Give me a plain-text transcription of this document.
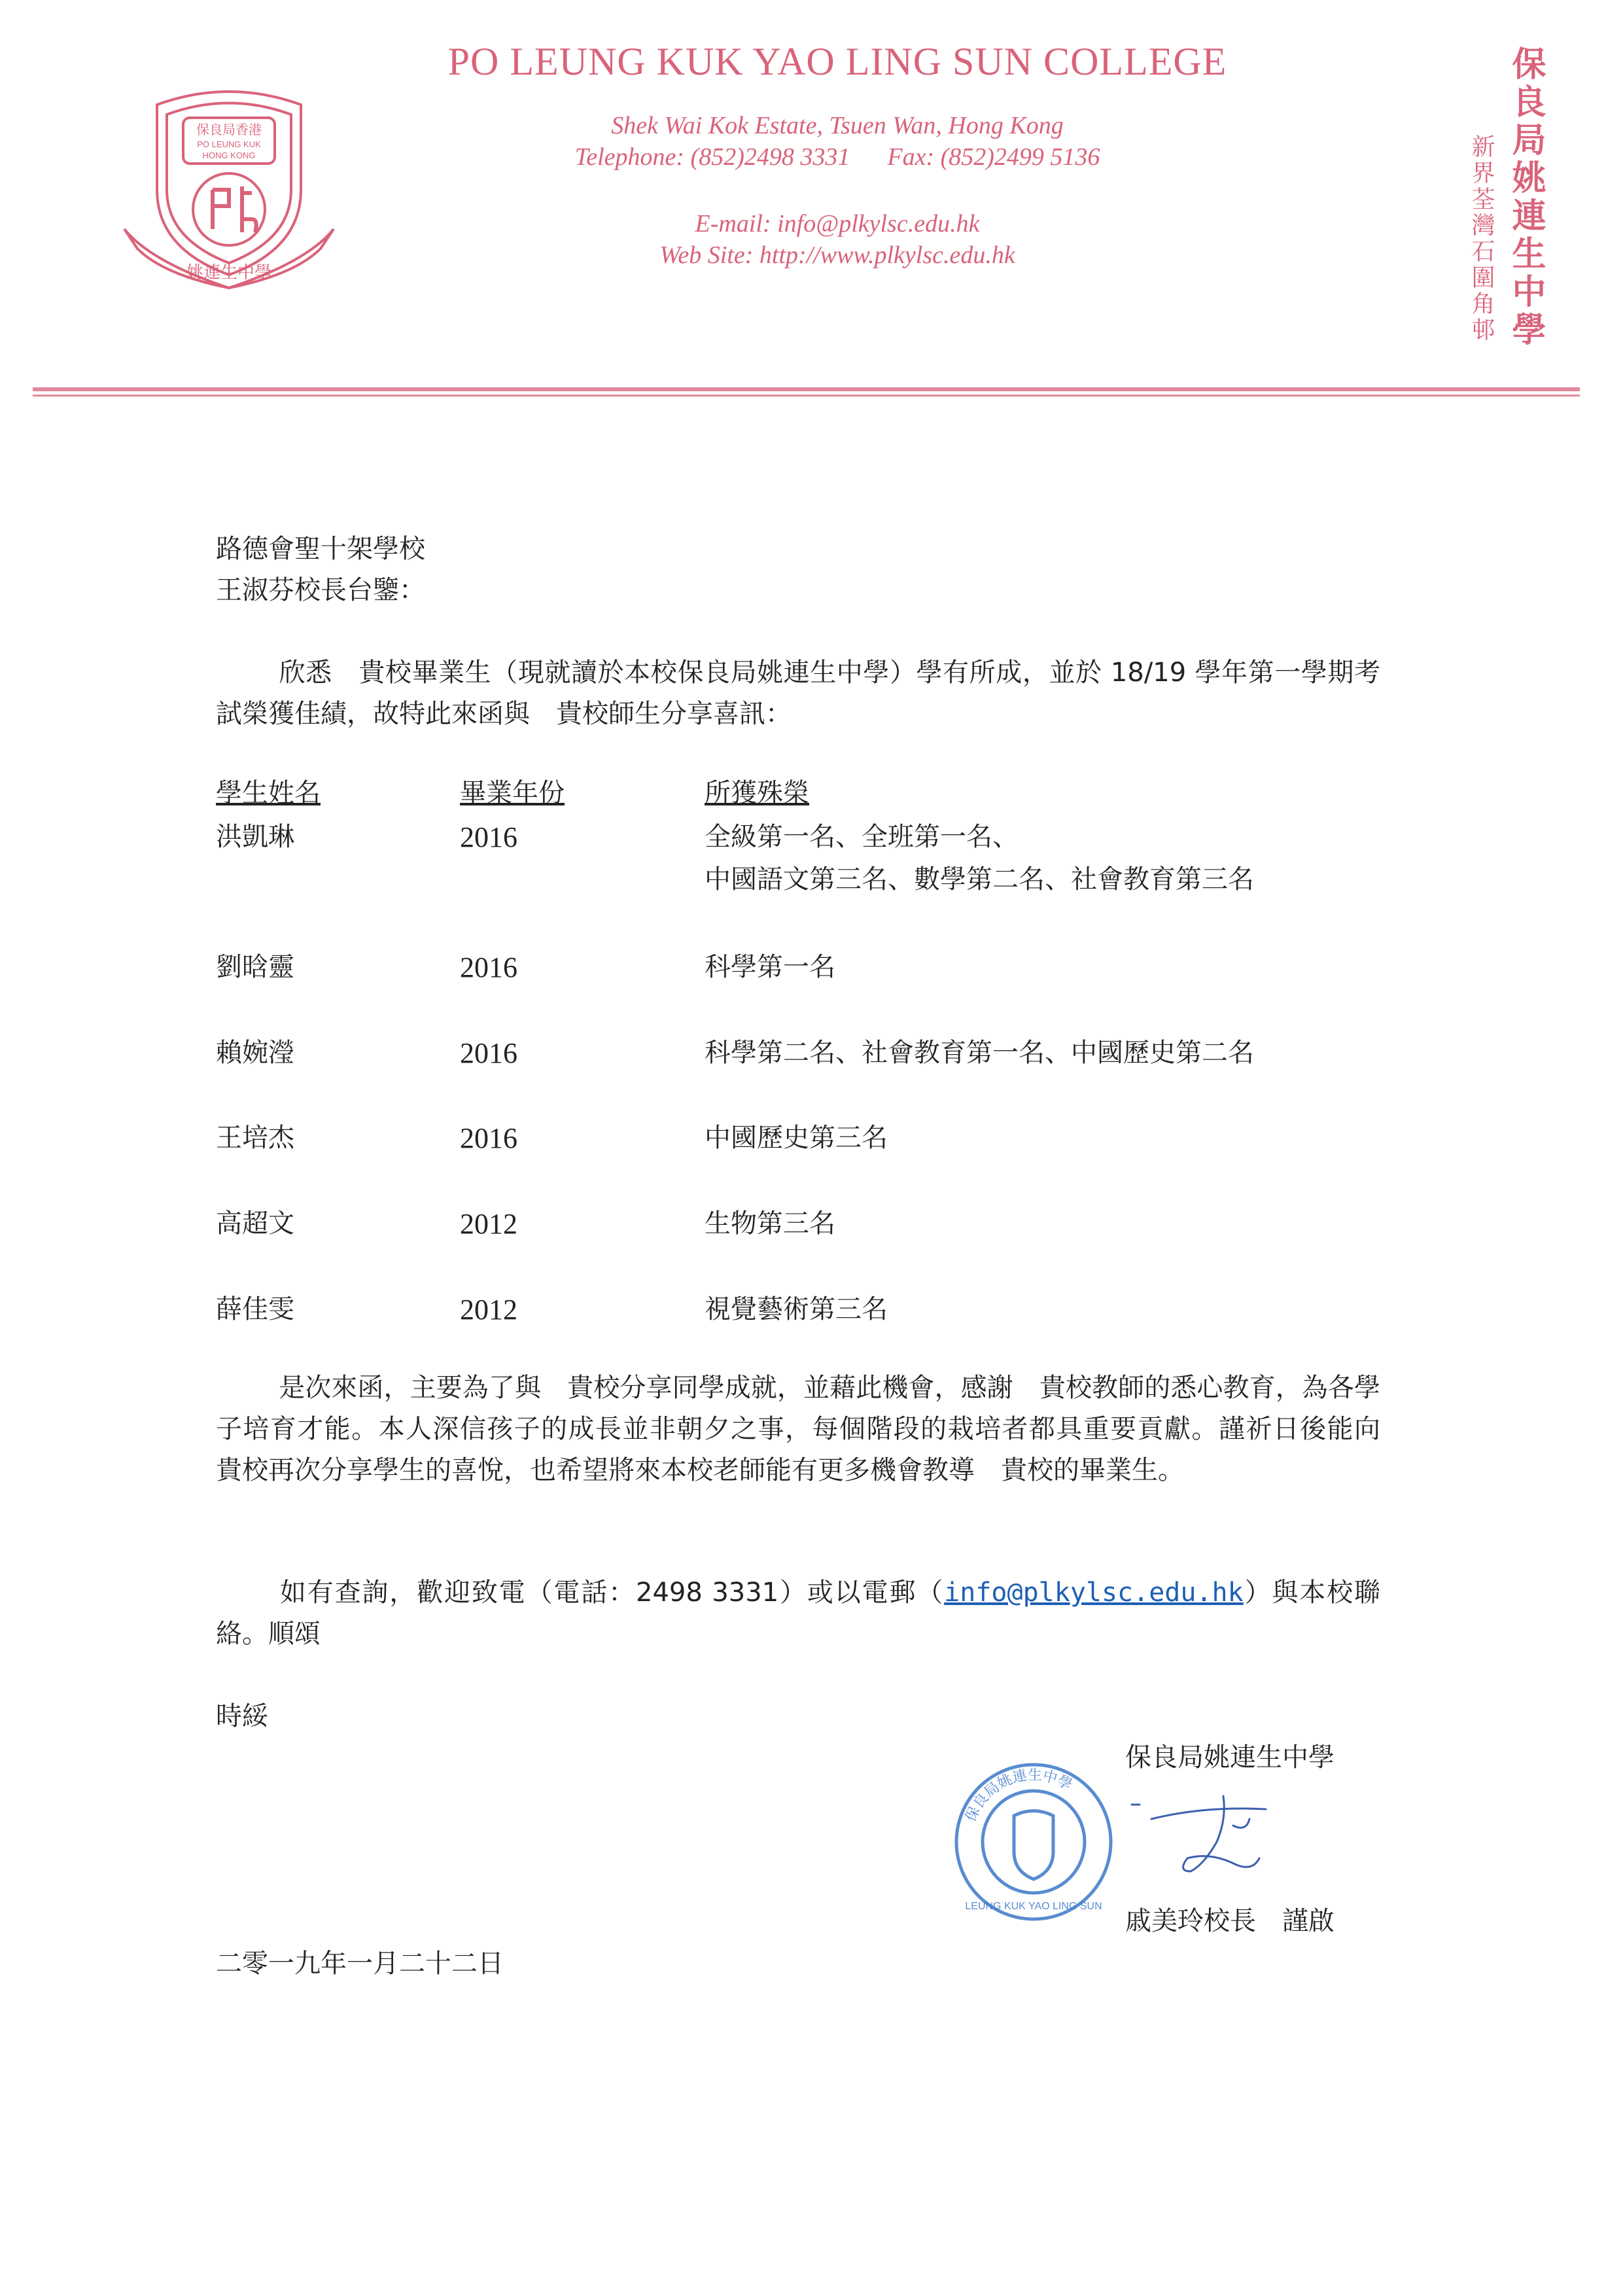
保良局香港
PO LEUNG KUK
HONG KONG
姚連生中學
PO LEUNG KUK YAO LING SUN COLLEGE
Shek Wai Kok Estate, Tsuen Wan, Hong Kong
Telephone: (852)2498 3331 Fax: (852)2499 5136
E-mail: info@plkylsc.edu.hk
Web Site: http://www.plkylsc.edu.hk	保良局姚連生中學
新界荃灣石圍角邨
路德會聖十架學校
王淑芬校長台鑒：
欣悉　貴校畢業生（現就讀於本校保良局姚連生中學）學有所成，並於 18/19 學年第一學期考試榮獲佳績，故特此來函與　貴校師生分享喜訊：
學生姓名	畢業年份	所獲殊榮
洪凱琳	2016	全級第一名、全班第一名、
中國語文第三名、數學第二名、社會教育第三名
劉晗靈	2016	科學第一名
賴婉瀅	2016	科學第二名、社會教育第一名、中國歷史第二名
王培杰	2016	中國歷史第三名
高超文	2012	生物第三名
薛佳雯	2012	視覺藝術第三名
是次來函，主要為了與　貴校分享同學成就，並藉此機會，感謝　貴校教師的悉心教育，為各學子培育才能。本人深信孩子的成長並非朝夕之事，每個階段的栽培者都具重要貢獻。謹祈日後能向　貴校再次分享學生的喜悅，也希望將來本校老師能有更多機會教導　貴校的畢業生。
如有查詢，歡迎致電（電話：2498 3331）或以電郵（info@plkylsc.edu.hk）與本校聯絡。順頌
時綏
保良局姚連生中學
保良局姚連生中學
LEUNG KUK YAO LING SUN 戚美玲校長　謹啟
二零一九年一月二十二日
